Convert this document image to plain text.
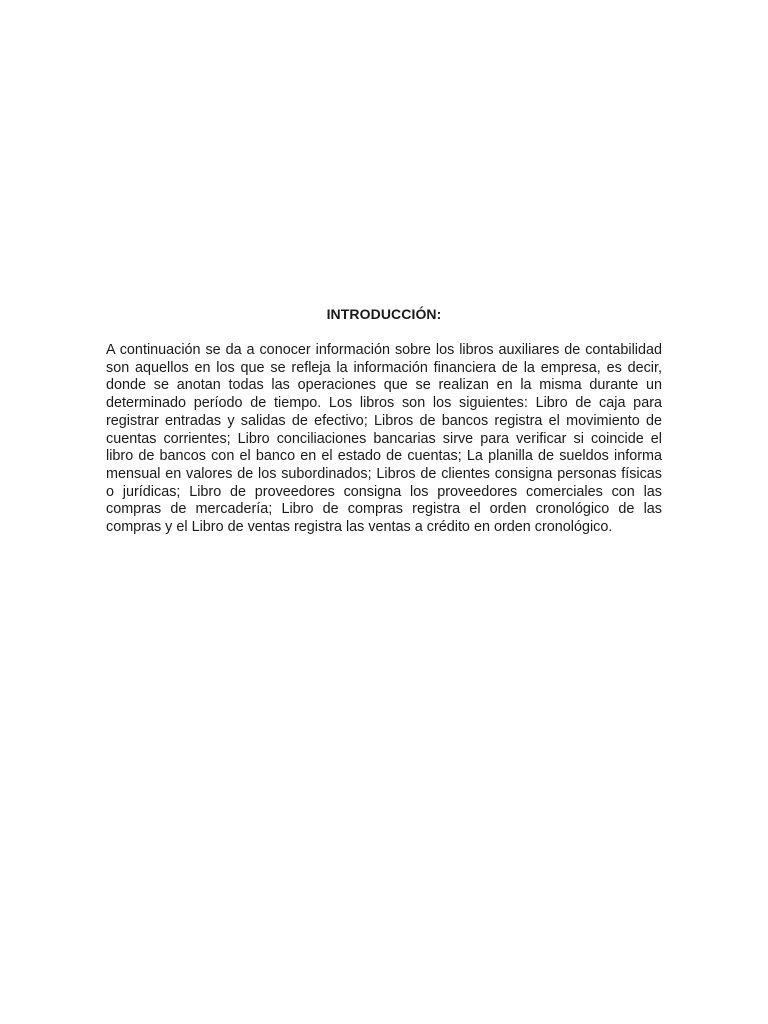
INTRODUCCIÓN:

A continuación se da a conocer información sobre los libros auxiliares de contabilidad son aquellos en los que se refleja la información financiera de la empresa, es decir, donde se anotan todas las operaciones que se realizan en la misma durante un determinado período de tiempo. Los libros son los siguientes: Libro de caja para registrar entradas y salidas de efectivo; Libros de bancos registra el movimiento de cuentas corrientes; Libro conciliaciones bancarias sirve para verificar si coincide el libro de bancos con el banco en el estado de cuentas; La planilla de sueldos informa mensual en valores de los subordinados; Libros de clientes consigna personas físicas o jurídicas; Libro de proveedores consigna los proveedores comerciales con las compras de mercadería; Libro de compras registra el orden cronológico de las compras y el Libro de ventas registra las ventas a crédito en orden cronológico.
